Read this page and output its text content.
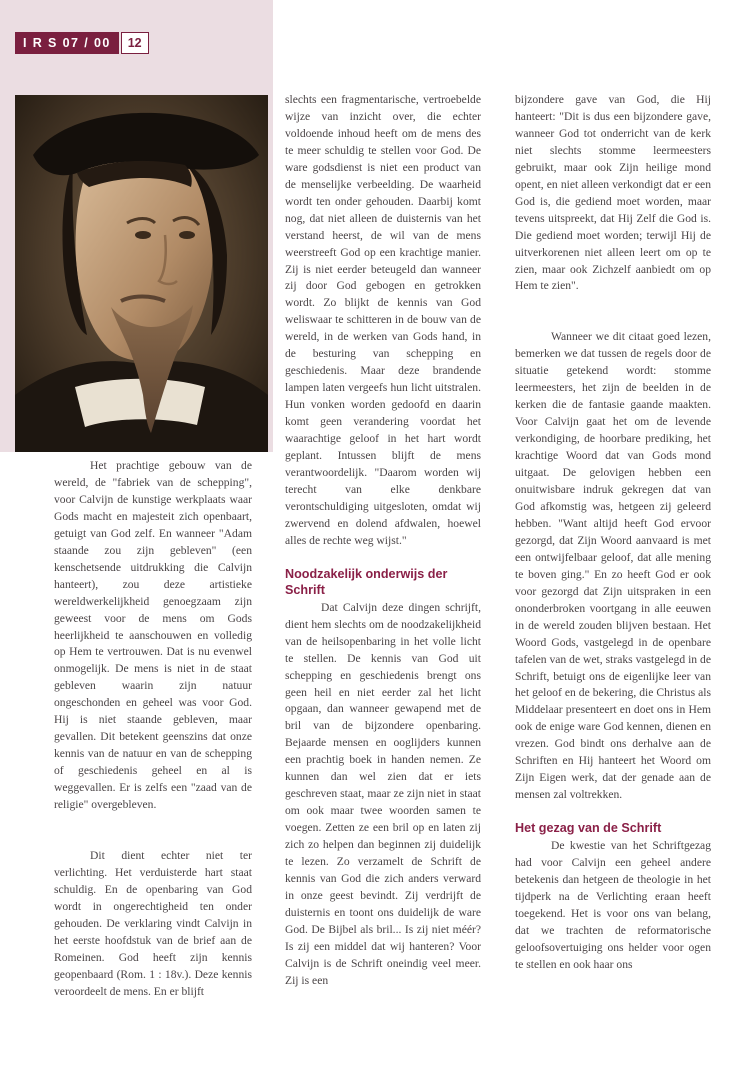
I R S 07 / 00	12

Het prachtige gebouw van de wereld, de "fabriek van de schepping", voor Calvijn de kunstige werkplaats waar Gods macht en majesteit zich openbaart, getuigt van God zelf. En wanneer "Adam staande zou zijn gebleven" (een kenschetsende uitdrukking die Calvijn hanteert), zou deze artistieke wereldwerkelijkheid genoegzaam zijn geweest voor de mens om Gods heerlijkheid te aanschouwen en volledig op Hem te vertrouwen. Dat is nu evenwel onmogelijk. De mens is niet in de staat gebleven waarin zijn natuur ongeschonden en geheel was voor God. Hij is niet staande gebleven, maar gevallen. Dit betekent geenszins dat onze kennis van de natuur en van de schepping of geschiedenis geheel en al is weggevallen. Er is zelfs een "zaad van de religie" overgebleven.

Dit dient echter niet ter verlichting. Het verduisterde hart staat schuldig. En de openbaring van God wordt in ongerechtigheid ten onder gehouden. De verklaring vindt Calvijn in het eerste hoofdstuk van de brief aan de Romeinen. God heeft zijn kennis geopenbaard (Rom. 1 : 18v.). Deze kennis veroordeelt de mens. En er blijft

slechts een fragmentarische, vertroebelde wijze van inzicht over, die echter voldoende inhoud heeft om de mens des te meer schuldig te stellen voor God. De ware godsdienst is niet een product van de menselijke verbeelding. De waarheid wordt ten onder gehouden. Daarbij komt nog, dat niet alleen de duisternis van het verstand heerst, de wil van de mens weerstreeft God op een krachtige manier. Zij is niet eerder beteugeld dan wanneer zij door God gebogen en getrokken wordt. Zo blijkt de kennis van God weliswaar te schitteren in de bouw van de wereld, in de werken van Gods hand, in de besturing van schepping en geschiedenis. Maar deze brandende lampen laten vergeefs hun licht uitstralen. Hun vonken worden gedoofd en daarin komt geen verandering voordat het waarachtige geloof in het hart wordt geplant. Intussen blijft de mens verantwoordelijk. "Daarom worden wij terecht van elke denkbare verontschuldiging uitgesloten, omdat wij zwervend en dolend afdwalen, hoewel alles de rechte weg wijst."

Noodzakelijk onderwijs der Schrift

Dat Calvijn deze dingen schrijft, dient hem slechts om de noodzakelijkheid van de heilsopenbaring in het volle licht te stellen. De kennis van God uit schepping en geschiedenis brengt ons geen heil en niet eerder zal het licht opgaan, dan wanneer gewapend met de bril van de bijzondere openbaring. Bejaarde mensen en ooglijders kunnen een prachtig boek in handen nemen. Ze kunnen dan wel zien dat er iets geschreven staat, maar ze zijn niet in staat om ook maar twee woorden samen te voegen. Zetten ze een bril op en laten zij zich zo helpen dan beginnen zij duidelijk te lezen. Zo verzamelt de Schrift de kennis van God die zich anders verward in onze geest bevindt. Zij verdrijft de duisternis en toont ons duidelijk de ware God. De Bijbel als bril... Is zij niet méér? Is zij een middel dat wij hanteren? Voor Calvijn is de Schrift oneindig veel meer. Zij is een

bijzondere gave van God, die Hij hanteert: "Dit is dus een bijzondere gave, wanneer God tot onderricht van de kerk niet slechts stomme leermeesters gebruikt, maar ook Zijn heilige mond opent, en niet alleen verkondigt dat er een God is, die gediend moet worden, maar tevens uitspreekt, dat Hij Zelf die God is. Die gediend moet worden; terwijl Hij de uitverkorenen niet alleen leert om op te zien, maar ook Zichzelf aanbiedt om op Hem te zien".

Wanneer we dit citaat goed lezen, bemerken we dat tussen de regels door de situatie getekend wordt: stomme leermeesters, het zijn de beelden in de kerken die de fantasie gaande maakten. Voor Calvijn gaat het om de levende verkondiging, de hoorbare prediking, het krachtige Woord dat van Gods mond uitgaat. De gelovigen hebben een onuitwisbare indruk gekregen dat van God afkomstig was, hetgeen zij geleerd hebben. "Want altijd heeft God ervoor gezorgd, dat Zijn Woord aanvaard is met een ontwijfelbaar geloof, dat alle mening te boven ging." En zo heeft God er ook voor gezorgd dat Zijn uitspraken in een ononderbroken voortgang in alle eeuwen in de wereld zouden blijven bestaan. Het Woord Gods, vastgelegd in de openbare tafelen van de wet, straks vastgelegd in de Schrift, betuigt ons de eigenlijke leer van het geloof en de bekering, die Christus als Middelaar presenteert en doet ons in Hem ook de enige ware God kennen, dienen en vrezen. God bindt ons derhalve aan de Schriften en Hij hanteert het Woord om Zijn Eigen werk, dat der genade aan de mensen zal voltrekken.

Het gezag van de Schrift

De kwestie van het Schriftgezag had voor Calvijn een geheel andere betekenis dan hetgeen de theologie in het tijdperk na de Verlichting eraan heeft toegekend. Het is voor ons van belang, dat we trachten de reformatorische geloofsovertuiging ons helder voor ogen te stellen en ook haar ons
